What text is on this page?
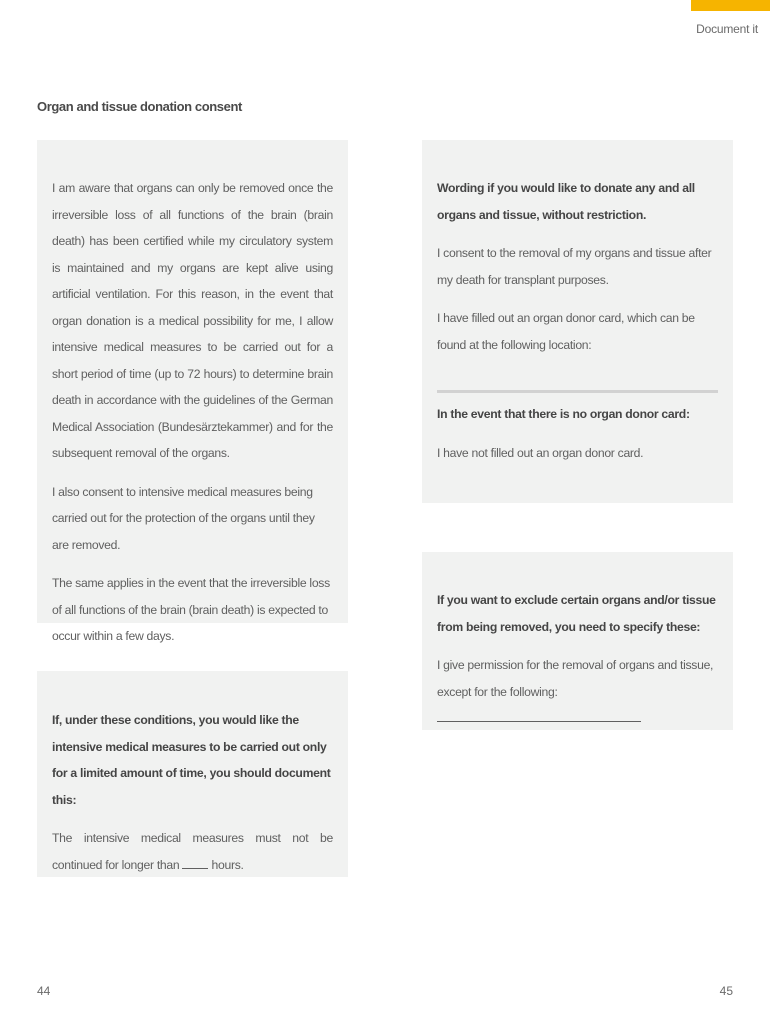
Document it
Organ and tissue donation consent

I am aware that organs can only be removed once the irreversible loss of all functions of the brain (brain death) has been certified while my circulatory system is maintained and my organs are kept alive using artificial ventilation. For this reason, in the event that organ donation is a medical possibility for me, I allow intensive medical measures to be carried out for a short period of time (up to 72 hours) to determine brain death in accordance with the guidelines of the German Medical Association (Bundesärztekammer) and for the subsequent removal of the organs.

I also consent to intensive medical measures being carried out for the protection of the organs until they are removed.

The same applies in the event that the irreversible loss of all functions of the brain (brain death) is expected to occur within a few days.

If, under these conditions, you would like the intensive medical measures to be carried out only for a limited amount of time, you should document this:

The intensive medical measures must not be continued for longer than	hours.

Wording if you would like to donate any and all organs and tissue, without restriction.

I consent to the removal of my organs and tissue after my death for transplant purposes.

I have filled out an organ donor card, which can be found at the following location:

In the event that there is no organ donor card:

I have not filled out an organ donor card.

If you want to exclude certain organs and/or tissue from being removed, you need to specify these:

I give permission for the removal of organs and tissue, except for the following:

44	45
